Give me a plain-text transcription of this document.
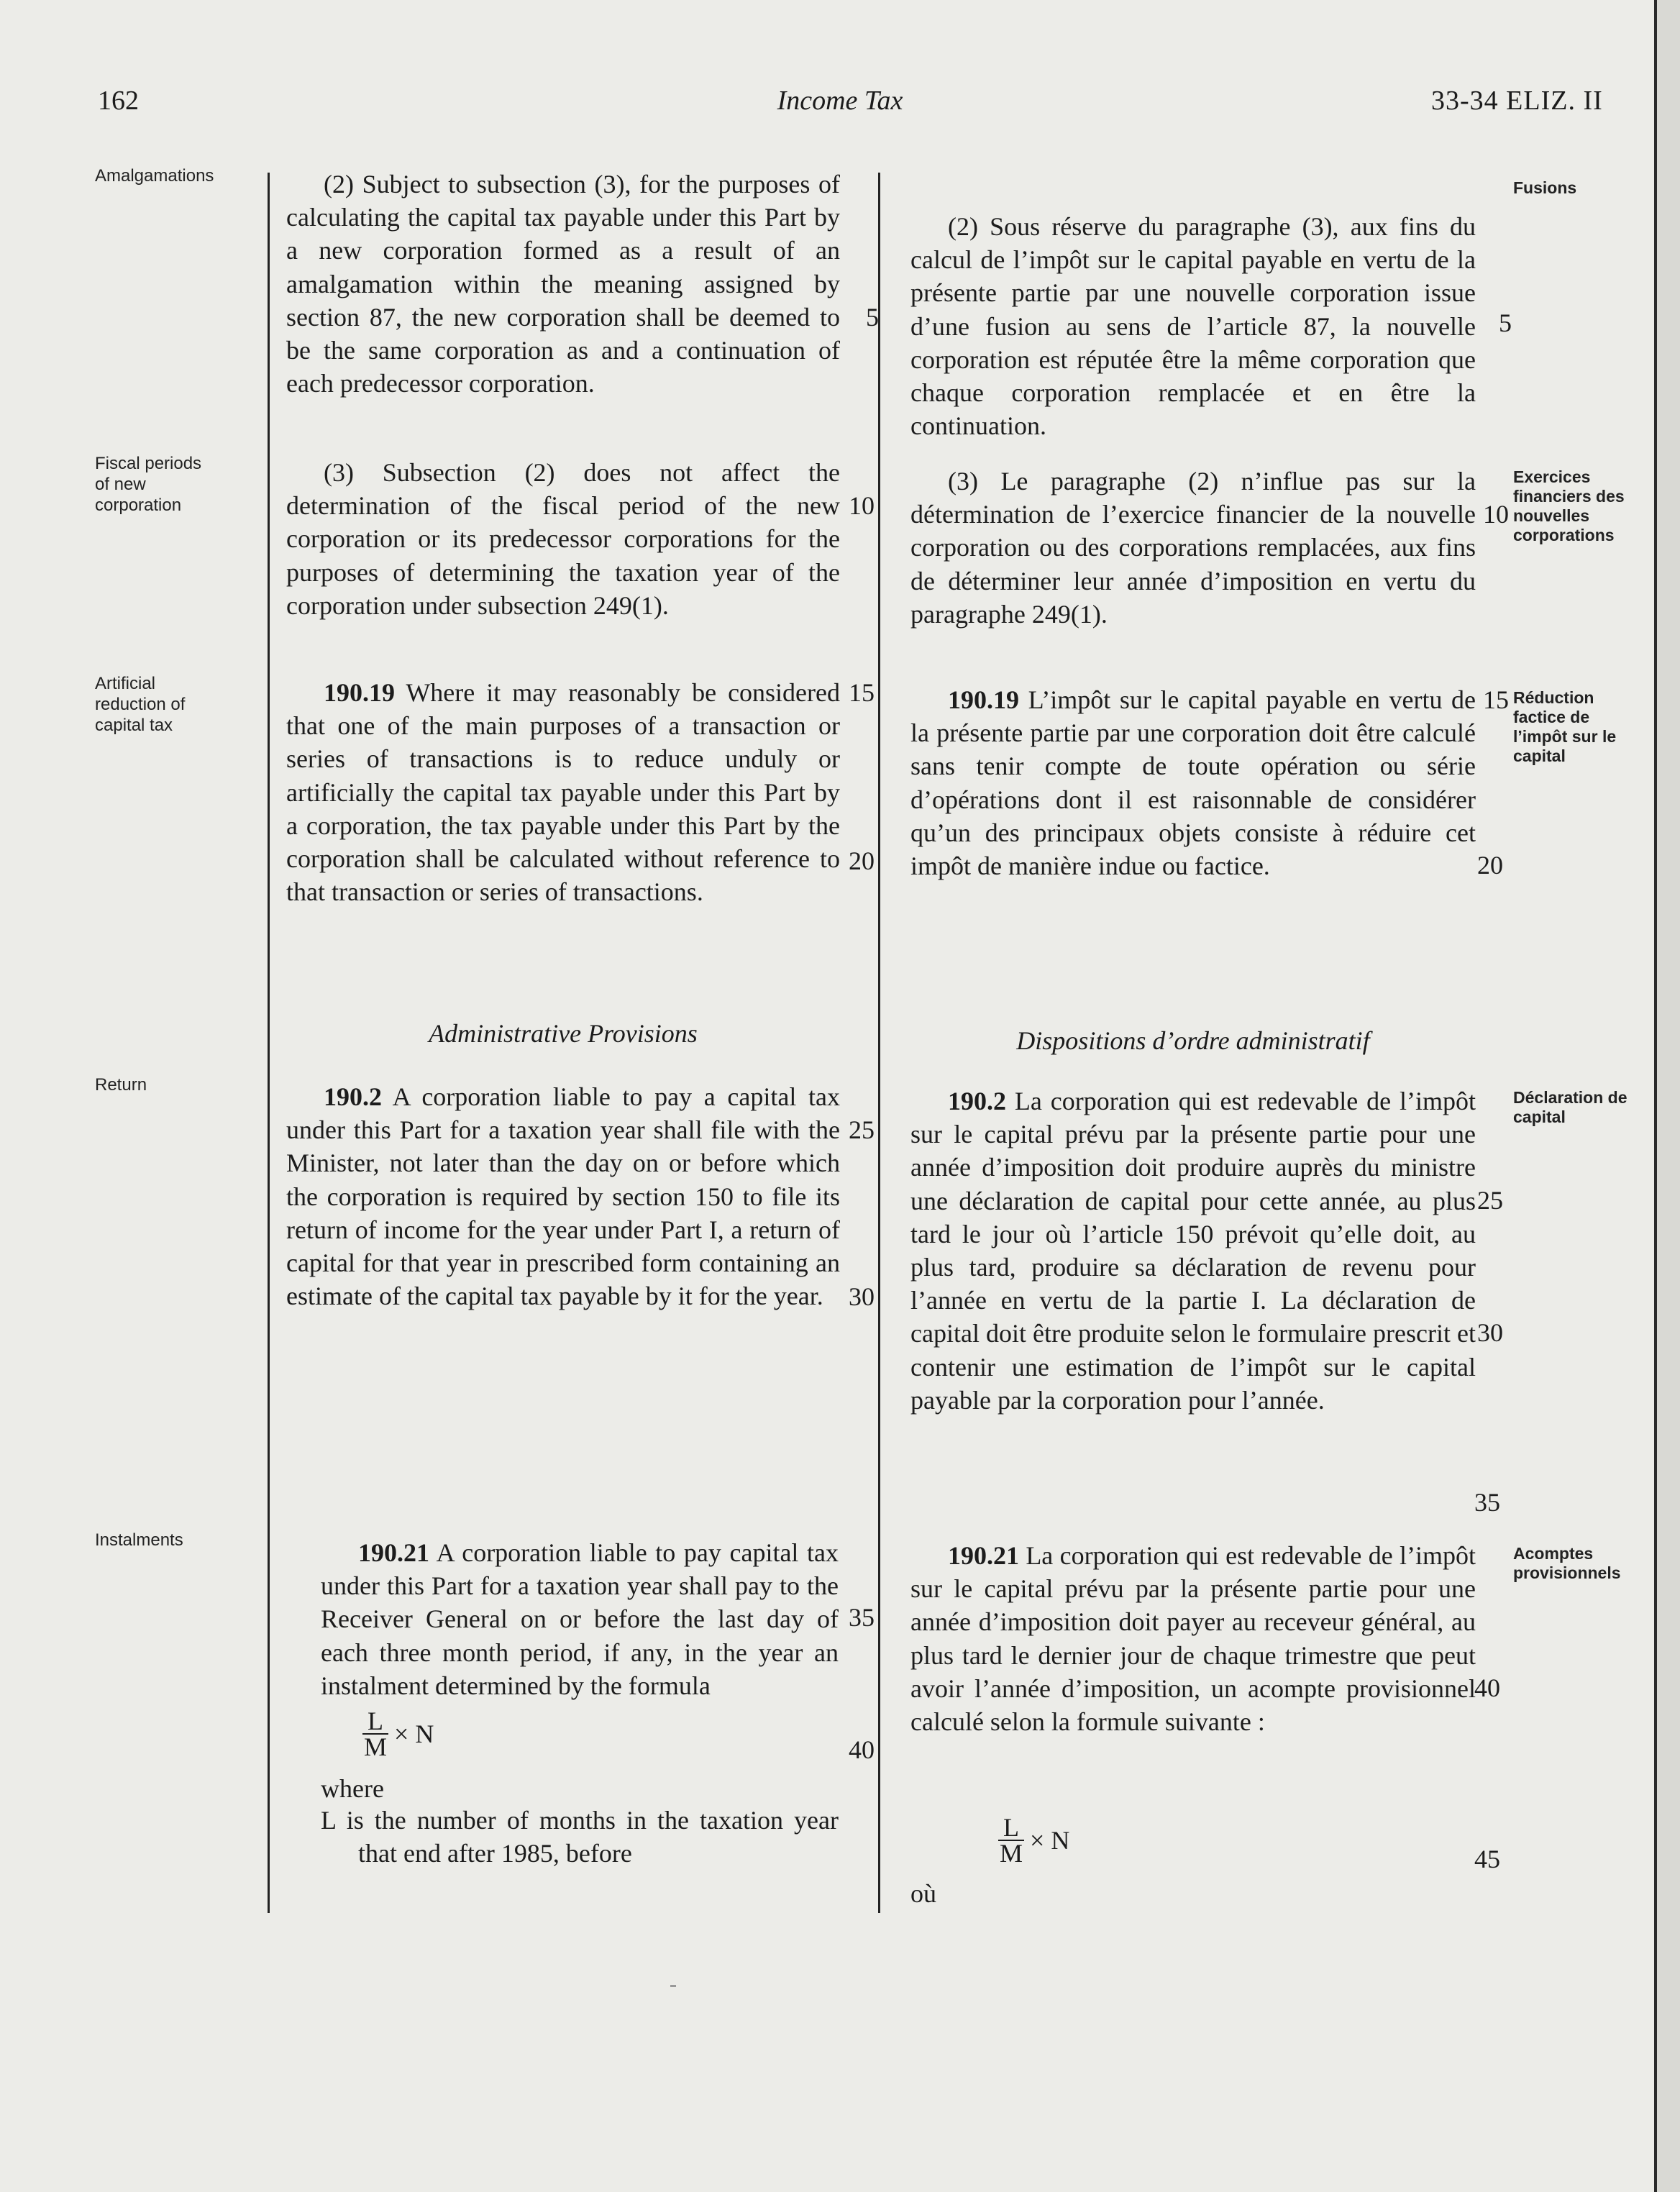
162	Income Tax	33-34 ELIZ. II
Amalgamations
Fiscal periods of new corporation
Artificial reduction of capital tax
Return
Instalments
Fusions
Exercices financiers des nouvelles corporations
Réduction factice de l’impôt sur le capital
Déclaration de capital
Acomptes provisionnels
(2) Subject to subsection (3), for the purposes of calculating the capital tax payable under this Part by a new corporation formed as a result of an amalgamation within the meaning assigned by section 87, the new corporation shall be deemed to be the same corporation as and a continuation of each predecessor corporation.
(3) Subsection (2) does not affect the determination of the fiscal period of the new corporation or its predecessor corporations for the purposes of determining the taxation year of the corporation under subsection 249(1).
190.19 Where it may reasonably be considered that one of the main purposes of a transaction or series of transactions is to reduce unduly or artificially the capital tax payable under this Part by a corporation, the tax payable under this Part by the corporation shall be calculated without reference to that transaction or series of transactions.
Administrative Provisions
190.2 A corporation liable to pay a capital tax under this Part for a taxation year shall file with the Minister, not later than the day on or before which the corporation is required by section 150 to file its return of income for the year under Part I, a return of capital for that year in prescribed form containing an estimate of the capital tax payable by it for the year.
190.21 A corporation liable to pay capital tax under this Part for a taxation year shall pay to the Receiver General on or before the last day of each three month period, if any, in the year an instalment determined by the formula
$\frac{L}{M} \times N$
where
L is the number of months in the taxation year that end after 1985, before
5
10
15
20
25
30
35
40
(2) Sous réserve du paragraphe (3), aux fins du calcul de l’impôt sur le capital payable en vertu de la présente partie par une nouvelle corporation issue d’une fusion au sens de l’article 87, la nouvelle corporation est réputée être la même corporation que chaque corporation remplacée et en être la continuation.
(3) Le paragraphe (2) n’influe pas sur la détermination de l’exercice financier de la nouvelle corporation ou des corporations remplacées, aux fins de déterminer leur année d’imposition en vertu du paragraphe 249(1).
190.19 L’impôt sur le capital payable en vertu de la présente partie par une corporation doit être calculé sans tenir compte de toute opération ou série d’opérations dont il est raisonnable de considérer qu’un des principaux objets consiste à réduire cet impôt de manière indue ou factice.
Dispositions d’ordre administratif
190.2 La corporation qui est redevable de l’impôt sur le capital prévu par la présente partie pour une année d’imposition doit produire auprès du ministre une déclaration de capital pour cette année, au plus tard le jour où l’article 150 prévoit qu’elle doit, au plus tard, produire sa déclaration de revenu pour l’année en vertu de la partie I. La déclaration de capital doit être produite selon le formulaire prescrit et contenir une estimation de l’impôt sur le capital payable par la corporation pour l’année.
190.21 La corporation qui est redevable de l’impôt sur le capital prévu par la présente partie pour une année d’imposition doit payer au receveur général, au plus tard le dernier jour de chaque trimestre que peut avoir l’année d’imposition, un acompte provisionnel calculé selon la formule suivante :
$\frac{L}{M} \times N$
où
5
10
15
20
25
30
35
40
45
